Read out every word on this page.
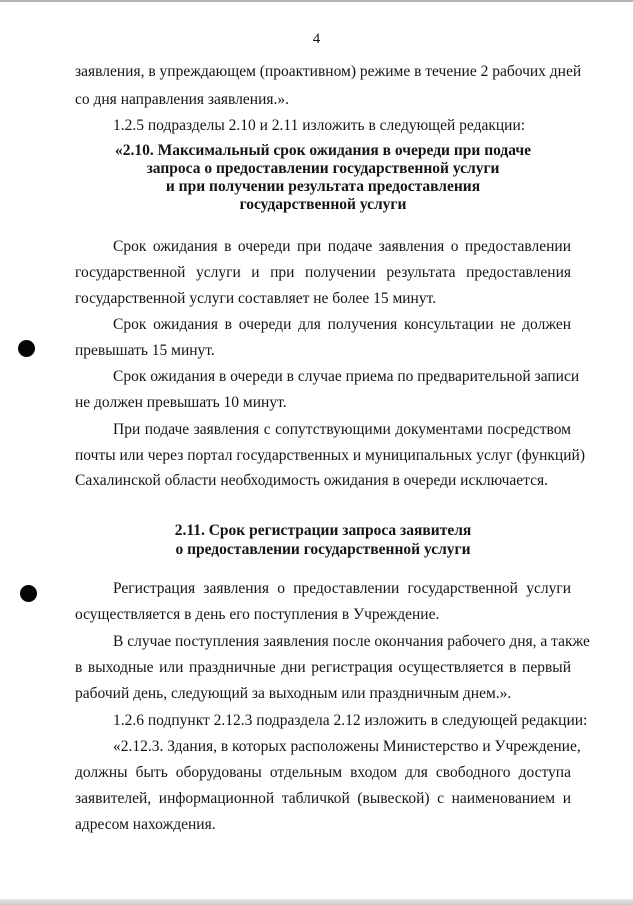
4
заявления, в упреждающем (проактивном) режиме в течение 2 рабочих дней
со дня направления заявления.».
1.2.5 подразделы 2.10 и 2.11 изложить в следующей редакции:
«2.10. Максимальный срок ожидания в очереди при подаче
запроса о предоставлении государственной услуги
и при получении результата предоставления
государственной услуги
Срок ожидания в очереди при подаче заявления о предоставлении
государственной услуги и при получении результата предоставления
государственной услуги составляет не более 15 минут.
Срок ожидания в очереди для получения консультации не должен
превышать 15 минут.
Срок ожидания в очереди в случае приема по предварительной записи
не должен превышать 10 минут.
При подаче заявления с сопутствующими документами посредством
почты или через портал государственных и муниципальных услуг (функций)
Сахалинской области необходимость ожидания в очереди исключается.
2.11. Срок регистрации запроса заявителя
о предоставлении государственной услуги
Регистрация заявления о предоставлении государственной услуги
осуществляется в день его поступления в Учреждение.
В случае поступления заявления после окончания рабочего дня, а также
в выходные или праздничные дни регистрация осуществляется в первый
рабочий день, следующий за выходным или праздничным днем.».
1.2.6 подпункт 2.12.3 подраздела 2.12 изложить в следующей редакции:
«2.12.3. Здания, в которых расположены Министерство и Учреждение,
должны быть оборудованы отдельным входом для свободного доступа
заявителей, информационной табличкой (вывеской) с наименованием и
адресом нахождения.
